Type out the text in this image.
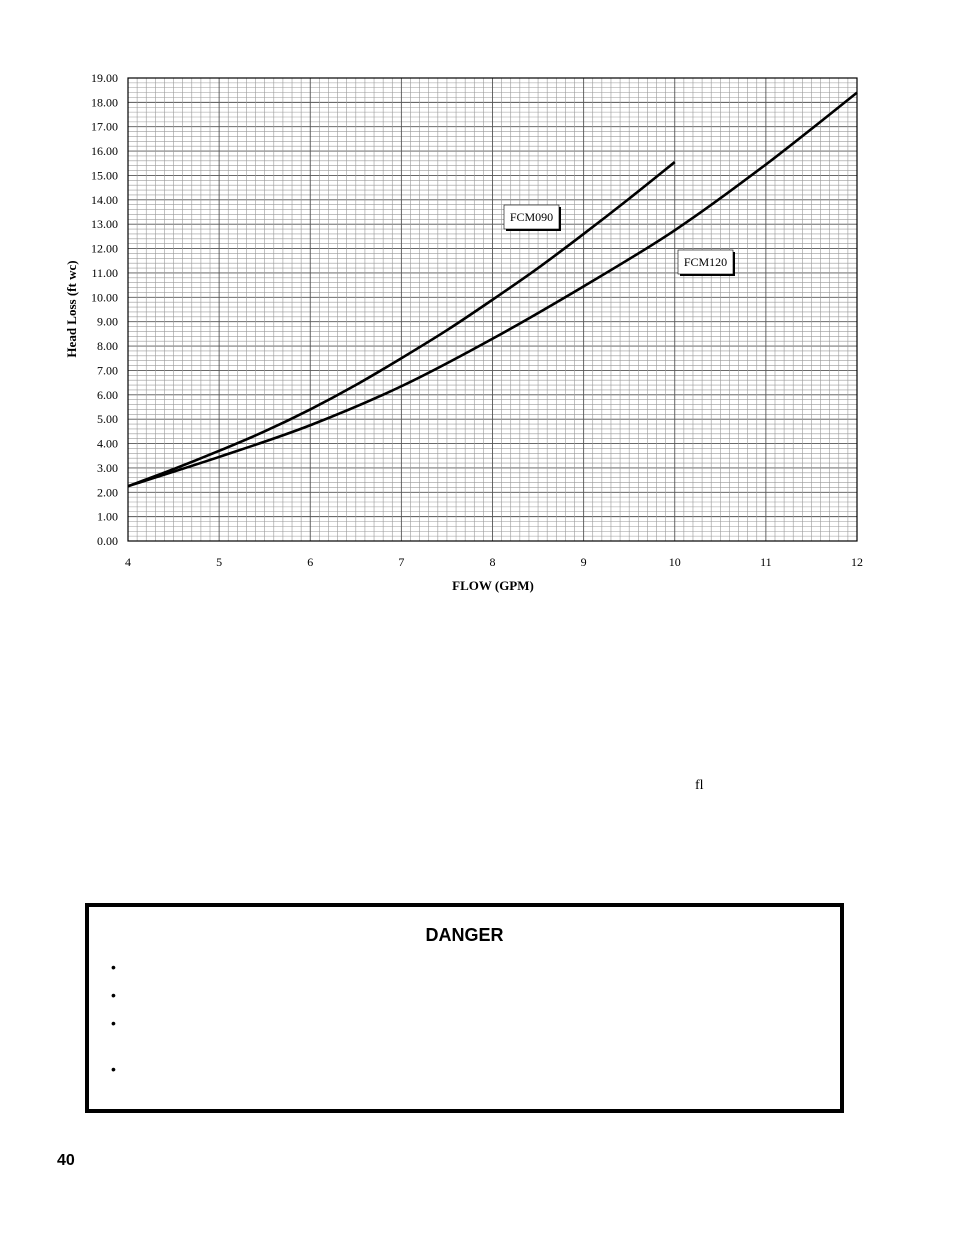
0.00
1.00
2.00
3.00
4.00
5.00
6.00
7.00
8.00
9.00
10.00
11.00
12.00
13.00
14.00
15.00
16.00
17.00
18.00
19.00
4	5	6	7	8	9	10	11	12
FCM090
FCM120
FLOW (GPM)
Head Loss (ft wc)
fl
DANGER
•
•
•
•
40
